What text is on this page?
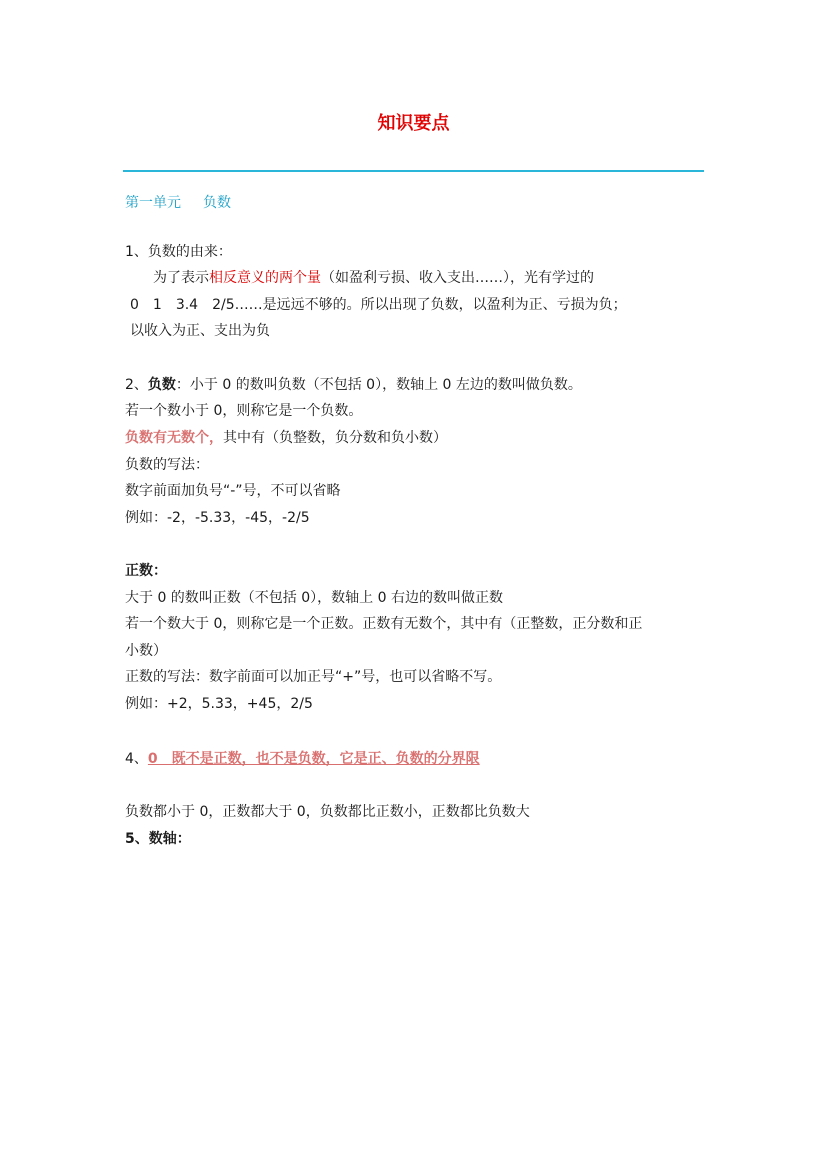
知识要点
第一单元 负数
1、负数的由来：
为了表示相反意义的两个量（如盈利亏损、收入支出……），光有学过的
0　1　3.4　2/5……是远远不够的。所以出现了负数，以盈利为正、亏损为负；
以收入为正、支出为负
2、负数：小于 0 的数叫负数（不包括 0），数轴上 0 左边的数叫做负数。
若一个数小于 0，则称它是一个负数。
负数有无数个，其中有（负整数，负分数和负小数）
负数的写法：
数字前面加负号“-”号，不可以省略
例如：-2，-5.33，-45，-2/5
正数：
大于 0 的数叫正数（不包括 0），数轴上 0 右边的数叫做正数
若一个数大于 0，则称它是一个正数。正数有无数个，其中有（正整数，正分数和正
小数）
正数的写法：数字前面可以加正号“+”号，也可以省略不写。
例如：+2，5.33，+45，2/5
4、0　既不是正数，也不是负数，它是正、负数的分界限
负数都小于 0，正数都大于 0，负数都比正数小，正数都比负数大
5、数轴：
